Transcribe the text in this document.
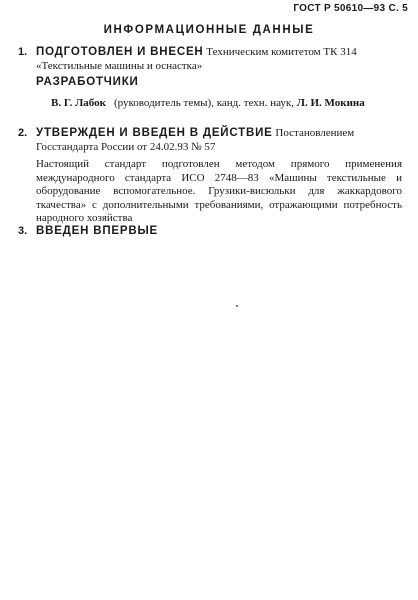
ГОСТ Р 50610—93 С. 5
ИНФОРМАЦИОННЫЕ ДАННЫЕ
1. ПОДГОТОВЛЕН И ВНЕСЕН Техническим комитетом ТК 314 «Текстильные машины и оснастка»
РАЗРАБОТЧИКИ
В. Г. Лабок (руководитель темы), канд. техн. наук, Л. И. Мокина
2. УТВЕРЖДЕН И ВВЕДЕН В ДЕЙСТВИЕ Постановлением Госстандарта России от 24.02.93 № 57
Настоящий стандарт подготовлен методом прямого применения международного стандарта ИСО 2748—83 «Машины текстильные и оборудование вспомогательное. Грузики-висюльки для жаккардового ткачества» с дополнительными требованиями, отражающими потребность народного хозяйства
3. ВВЕДЕН ВПЕРВЫЕ
